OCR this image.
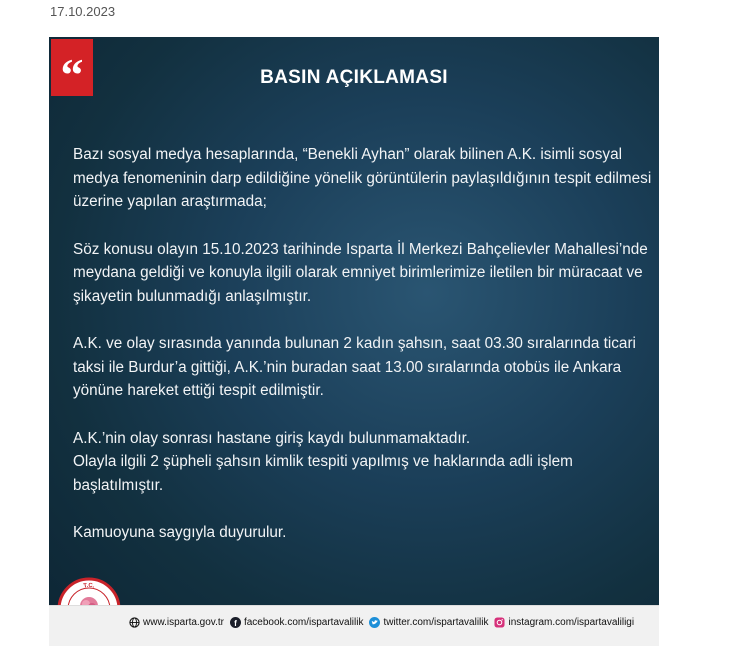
17.10.2023
“	BASIN AÇIKLAMASI

Bazı sosyal medya hesaplarında, “Benekli Ayhan” olarak bilinen A.K. isimli sosyal medya fenomeninin darp edildiğine yönelik görüntülerin paylaşıldığının tespit edilmesi üzerine yapılan araştırmada;

Söz konusu olayın 15.10.2023 tarihinde Isparta İl Merkezi Bahçelievler Mahallesi’nde meydana geldiği ve konuyla ilgili olarak emniyet birimlerimize iletilen bir müracaat ve şikayetin bulunmadığı anlaşılmıştır.

A.K. ve olay sırasında yanında bulunan 2 kadın şahsın, saat 03.30 sıralarında ticari taksi ile Burdur’a gittiği, A.K.’nin buradan saat 13.00 sıralarında otobüs ile Ankara yönüne hareket ettiği tespit edilmiştir.

A.K.’nin olay sonrası hastane giriş kaydı bulunmamaktadır.
Olayla ilgili 2 şüpheli şahsın kimlik tespiti yapılmış ve haklarında adli işlem başlatılmıştır.

Kamuoyuna saygıyla duyurulur.

T.C.
www.isparta.gov.tr f facebook.com/ispartavalilik twitter.com/ispartavalilik instagram.com/ispartavaliligi
